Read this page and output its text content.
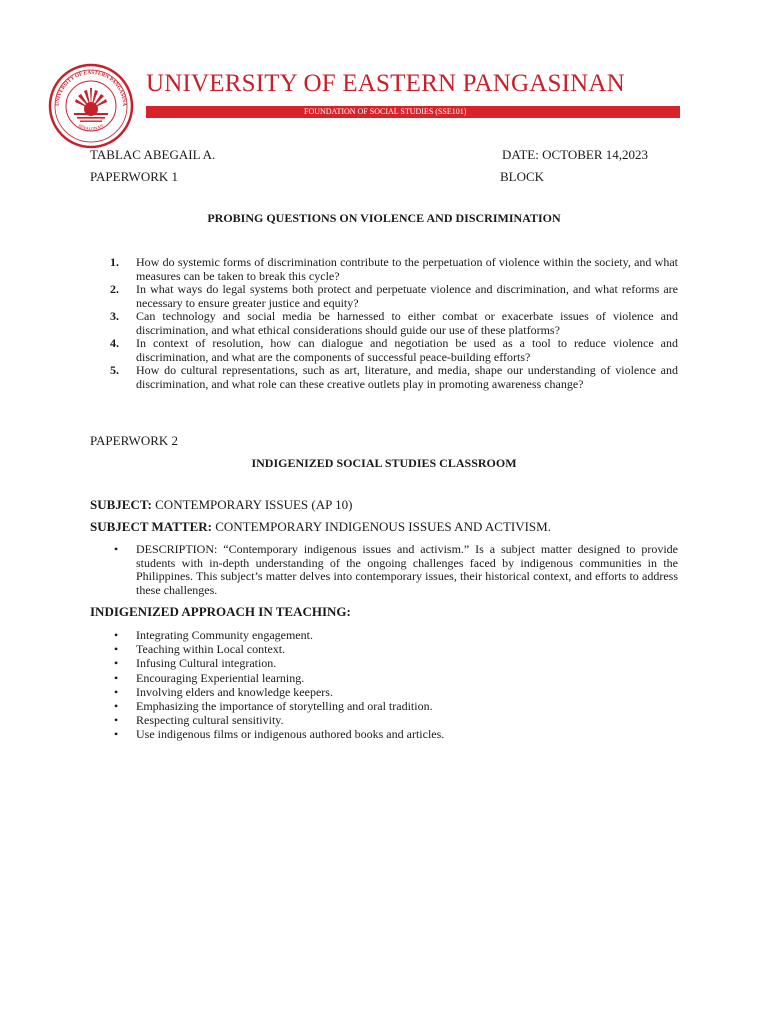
UNIVERSITY OF EASTERN PANGASINA
BINALONAN
UNIVERSITY OF EASTERN PANGASINAN
FOUNDATION OF SOCIAL STUDIES (SSE101)

TABLAC ABEGAIL A.	DATE: OCTOBER 14,2023

PAPERWORK 1	BLOCK

PROBING QUESTIONS ON VIOLENCE AND DISCRIMINATION
1. How do systemic forms of discrimination contribute to the perpetuation of violence within the society, and what measures can be taken to break this cycle?
2. In what ways do legal systems both protect and perpetuate violence and discrimination, and what reforms are necessary to ensure greater justice and equity?
3. Can technology and social media be harnessed to either combat or exacerbate issues of violence and discrimination, and what ethical considerations should guide our use of these platforms?
4. In context of resolution, how can dialogue and negotiation be used as a tool to reduce violence and discrimination, and what are the components of successful peace-building efforts?
5. How do cultural representations, such as art, literature, and media, shape our understanding of violence and discrimination, and what role can these creative outlets play in promoting awareness change?

PAPERWORK 2

INDIGENIZED SOCIAL STUDIES CLASSROOM

SUBJECT: CONTEMPORARY ISSUES (AP 10)

SUBJECT MATTER: CONTEMPORARY INDIGENOUS ISSUES AND ACTIVISM.

• DESCRIPTION: “Contemporary indigenous issues and activism.” Is a subject matter designed to provide students with in-depth understanding of the ongoing challenges faced by indigenous communities in the Philippines. This subject’s matter delves into contemporary issues, their historical context, and efforts to address these challenges.

INDIGENIZED APPROACH IN TEACHING:

• Integrating Community engagement.
• Teaching within Local context.
• Infusing Cultural integration.
• Encouraging Experiential learning.
• Involving elders and knowledge keepers.
• Emphasizing the importance of storytelling and oral tradition.
• Respecting cultural sensitivity.
• Use indigenous films or indigenous authored books and articles.
